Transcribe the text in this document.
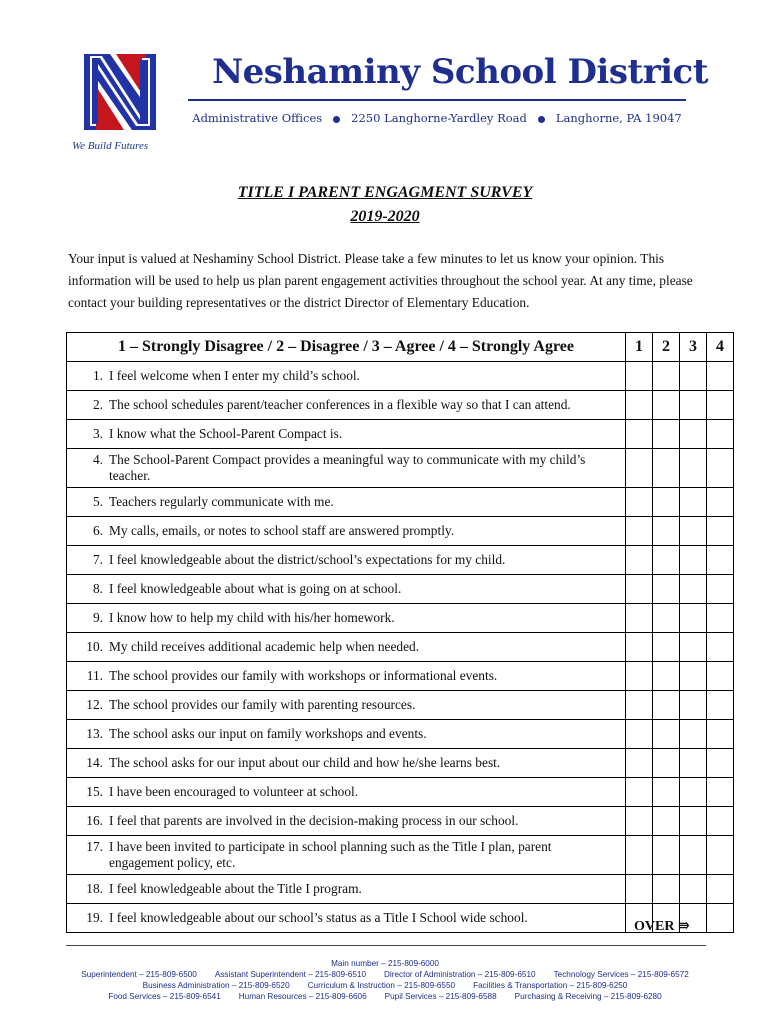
We Build Futures
Neshaminy School District
Administrative Offices	2250 Langhorne-Yardley Road	Langhorne, PA 19047
TITLE I PARENT ENGAGMENT SURVEY
2019-2020
Your input is valued at Neshaminy School District. Please take a few minutes to let us know your opinion. This information will be used to help us plan parent engagement activities throughout the school year. At any time, please contact your building representatives or the district Director of Elementary Education.
1 – Strongly Disagree / 2 – Disagree / 3 – Agree / 4 – Strongly Agree	1	2	3	4

1. I feel welcome when I enter my child’s school.				

2. The school schedules parent/teacher conferences in a flexible way so that I can attend.				

3. I know what the School-Parent Compact is.				

4. The School-Parent Compact provides a meaningful way to communicate with my child’s teacher.				

5. Teachers regularly communicate with me.				

6. My calls, emails, or notes to school staff are answered promptly.				

7. I feel knowledgeable about the district/school’s expectations for my child.				

8. I feel knowledgeable about what is going on at school.				

9. I know how to help my child with his/her homework.				

10. My child receives additional academic help when needed.				

11. The school provides our family with workshops or informational events.				

12. The school provides our family with parenting resources.				

13. The school asks our input on family workshops and events.				

14. The school asks for our input about our child and how he/she learns best.				

15. I have been encouraged to volunteer at school.				

16. I feel that parents are involved in the decision-making process in our school.				

17. I have been invited to participate in school planning such as the Title I plan, parent engagement policy, etc.				

18. I feel knowledgeable about the Title I program.				

19. I feel knowledgeable about our school’s status as a Title I School wide school.				

OVER ⇛
Main number – 215-809-6000
Superintendent – 215-809-6500 Assistant Superintendent – 215-809-6510 Director of Administration – 215-809-6510 Technology Services – 215-809-6572
Business Administration – 215-809-6520 Curriculum & Instruction – 215-809-6550 Facilities & Transportation – 215-809-6250
Food Services – 215-809-6541 Human Resources – 215-809-6606 Pupil Services – 215-809-6588 Purchasing & Receiving – 215-809-6280
